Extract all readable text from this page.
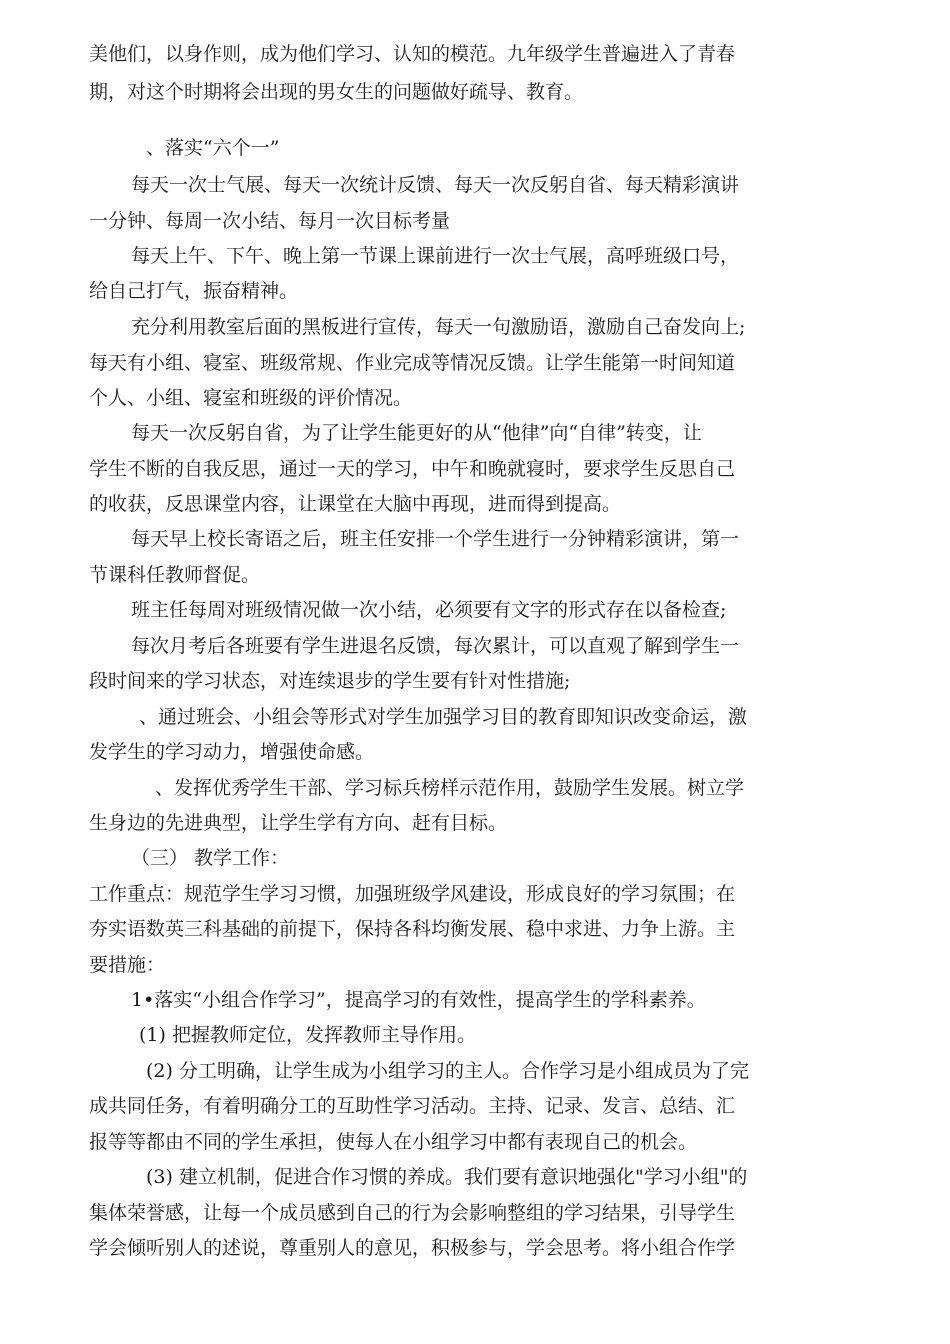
美他们，以身作则，成为他们学习、认知的模范。九年级学生普遍进入了青春
期，对这个时期将会出现的男女生的问题做好疏导、教育。
、落实“六个一”
每天一次士气展、每天一次统计反馈、每天一次反躬自省、每天精彩演讲
一分钟、每周一次小结、每月一次目标考量
每天上午、下午、晚上第一节课上课前进行一次士气展，高呼班级口号，
给自己打气，振奋精神。
充分利用教室后面的黑板进行宣传，每天一句激励语，激励自己奋发向上;
每天有小组、寝室、班级常规、作业完成等情况反馈。让学生能第一时间知道
个人、小组、寝室和班级的评价情况。
每天一次反躬自省，为了让学生能更好的从“他律”向“自律”转变，让
学生不断的自我反思，通过一天的学习，中午和晚就寝时，要求学生反思自己
的收获，反思课堂内容，让课堂在大脑中再现，进而得到提高。
每天早上校长寄语之后，班主任安排一个学生进行一分钟精彩演讲，第一
节课科任教师督促。
班主任每周对班级情况做一次小结，必须要有文字的形式存在以备检查;
每次月考后各班要有学生进退名反馈，每次累计，可以直观了解到学生一
段时间来的学习状态，对连续退步的学生要有针对性措施;
、通过班会、小组会等形式对学生加强学习目的教育即知识改变命运，激
发学生的学习动力，增强使命感。
、发挥优秀学生干部、学习标兵榜样示范作用，鼓励学生发展。树立学
生身边的先进典型，让学生学有方向、赶有目标。
（三） 教学工作：
工作重点：规范学生学习习惯，加强班级学风建设，形成良好的学习氛围；在
夯实语数英三科基础的前提下，保持各科均衡发展、稳中求进、力争上游。主
要措施：
1•落实“小组合作学习”，提高学习的有效性，提高学生的学科素养。
(1) 把握教师定位，发挥教师主导作用。
(2) 分工明确，让学生成为小组学习的主人。合作学习是小组成员为了完
成共同任务，有着明确分工的互助性学习活动。主持、记录、发言、总结、汇
报等等都由不同的学生承担，使每人在小组学习中都有表现自己的机会。
(3) 建立机制，促进合作习惯的养成。我们要有意识地强化"学习小组"的
集体荣誉感，让每一个成员感到自己的行为会影响整组的学习结果，引导学生
学会倾听别人的述说，尊重别人的意见，积极参与，学会思考。将小组合作学
